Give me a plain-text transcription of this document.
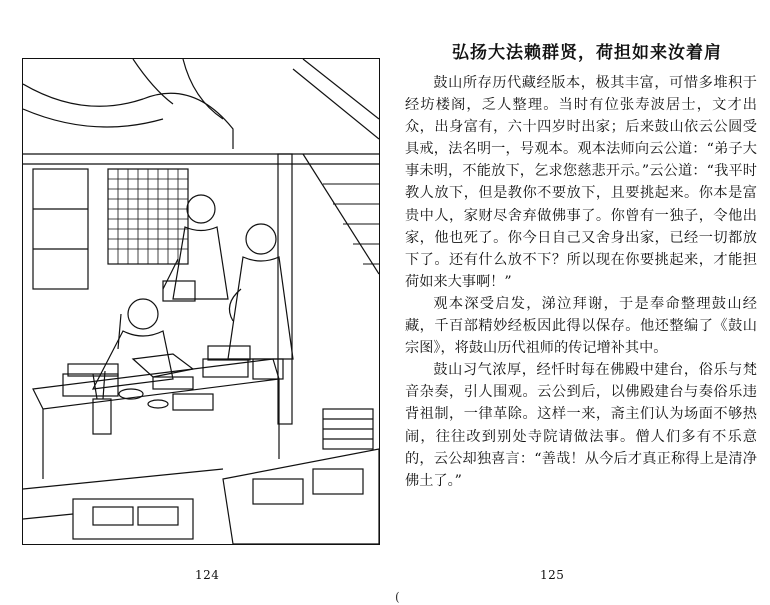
124
弘扬大法赖群贤，荷担如来汝着肩

鼓山所存历代藏经版本，极其丰富，可惜多堆积于经坊楼阁，乏人整理。当时有位张寿波居士，文才出众，出身富有，六十四岁时出家；后来鼓山依云公圆受具戒，法名明一，号观本。观本法师向云公道：“弟子大事未明，不能放下，乞求您慈悲开示。”云公道：“我平时教人放下，但是教你不要放下，且要挑起来。你本是富贵中人，家财尽舍弃做佛事了。你曾有一独子，令他出家，他也死了。你今日自己又舍身出家，已经一切都放下了。还有什么放不下？所以现在你要挑起来，才能担荷如来大事啊！”

观本深受启发，涕泣拜谢，于是奉命整理鼓山经藏，千百部精妙经板因此得以保存。他还整编了《鼓山宗图》，将鼓山历代祖师的传记增补其中。

鼓山习气浓厚，经忏时每在佛殿中建台，俗乐与梵音杂奏，引人围观。云公到后，以佛殿建台与奏俗乐违背祖制，一律革除。这样一来，斋主们认为场面不够热闹，往往改到别处寺院请做法事。僧人们多有不乐意的，云公却独喜言：“善哉！从今后才真正称得上是清净佛土了。”

125
(
